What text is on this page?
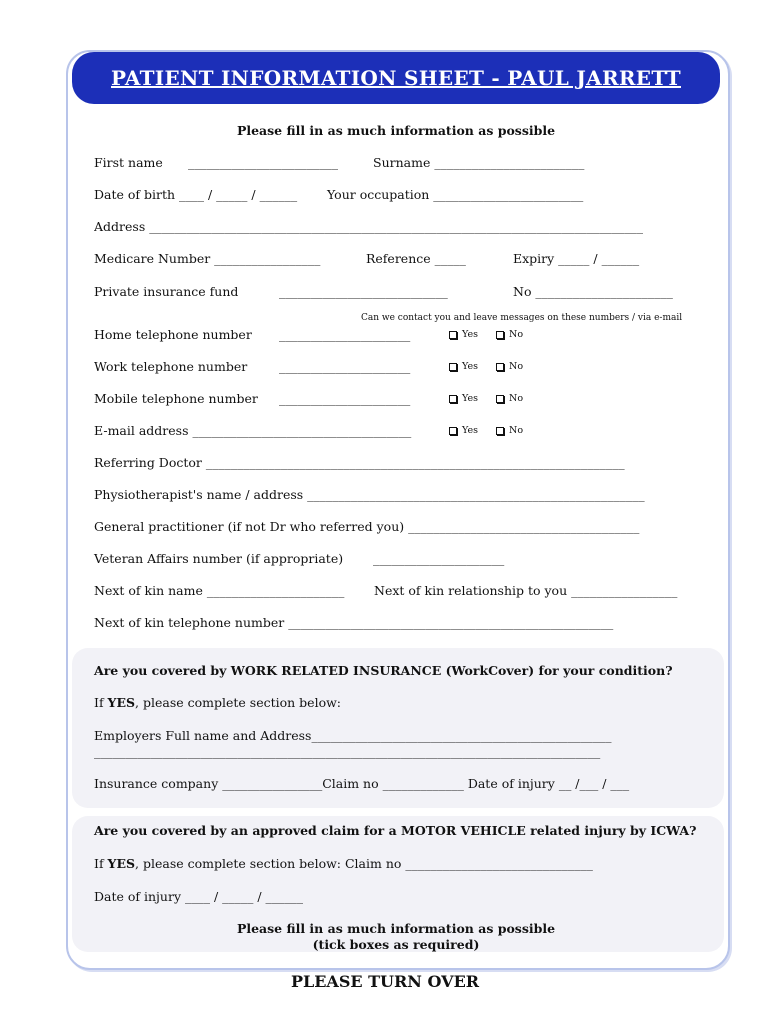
PATIENT INFORMATION SHEET - PAUL JARRETT
Please fill in as much information as possible
First name ________________________	Surname ________________________
Date of birth ____ / _____ / ______ Your occupation ________________________
Address _______________________________________________________________________________
Medicare Number _________________	Reference _____	Expiry _____ / ______
Private insurance fund	___________________________	No ______________________
Can we contact you and leave messages on these numbers / via e-mail
Home telephone number _____________________	Yes	No
Work telephone number	_____________________	Yes	No
Mobile telephone number _____________________	Yes	No
E-mail address ___________________________________	Yes	No
Referring Doctor ___________________________________________________________________
Physiotherapist's name / address ______________________________________________________
General practitioner (if not Dr who referred you) _____________________________________
Veteran Affairs number (if appropriate) _____________________
Next of kin name ______________________ Next of kin relationship to you _________________
Next of kin telephone number ____________________________________________________
Are you covered by WORK RELATED INSURANCE (WorkCover) for your condition?
If YES, please complete section below:
Employers Full name and Address________________________________________________
_________________________________________________________________________________
Insurance company ________________Claim no _____________ Date of injury __ /___ / ___
Are you covered by an approved claim for a MOTOR VEHICLE related injury by ICWA?
If YES, please complete section below: Claim no ______________________________
Date of injury ____ / _____ / ______
Please fill in as much information as possible
(tick boxes as required)
PLEASE TURN OVER
